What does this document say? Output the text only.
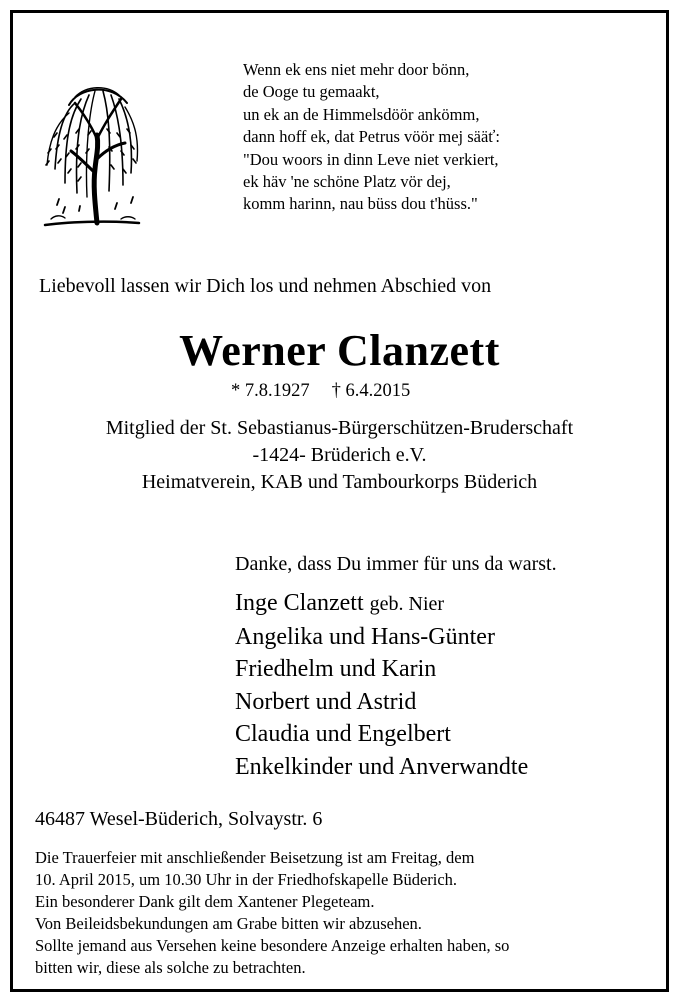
Wenn ek ens niet mehr door bönn,
de Ooge tu gemaakt,
un ek an de Himmelsdöör ankömm,
dann hoff ek, dat Petrus vöör mej sääť:
"Dou woors in dinn Leve niet verkiert,
ek häv 'ne schöne Platz vör dej,
komm harinn, nau büss dou t'hüss."
Liebevoll lassen wir Dich los und nehmen Abschied von
Werner Clanzett
* 7.8.1927 † 6.4.2015
Mitglied der St. Sebastianus-Bürgerschützen-Bruderschaft
-1424- Brüderich e.V.
Heimatverein, KAB und Tambourkorps Büderich
Danke, dass Du immer für uns da warst.
Inge Clanzett geb. Nier
Angelika und Hans-Günter
Friedhelm und Karin
Norbert und Astrid
Claudia und Engelbert
Enkelkinder und Anverwandte
46487 Wesel-Büderich, Solvaystr. 6
Die Trauerfeier mit anschließender Beisetzung ist am Freitag, dem
10. April 2015, um 10.30 Uhr in der Friedhofskapelle Büderich.
Ein besonderer Dank gilt dem Xantener Plegeteam.
Von Beileidsbekundungen am Grabe bitten wir abzusehen.
Sollte jemand aus Versehen keine besondere Anzeige erhalten haben, so
bitten wir, diese als solche zu betrachten.
